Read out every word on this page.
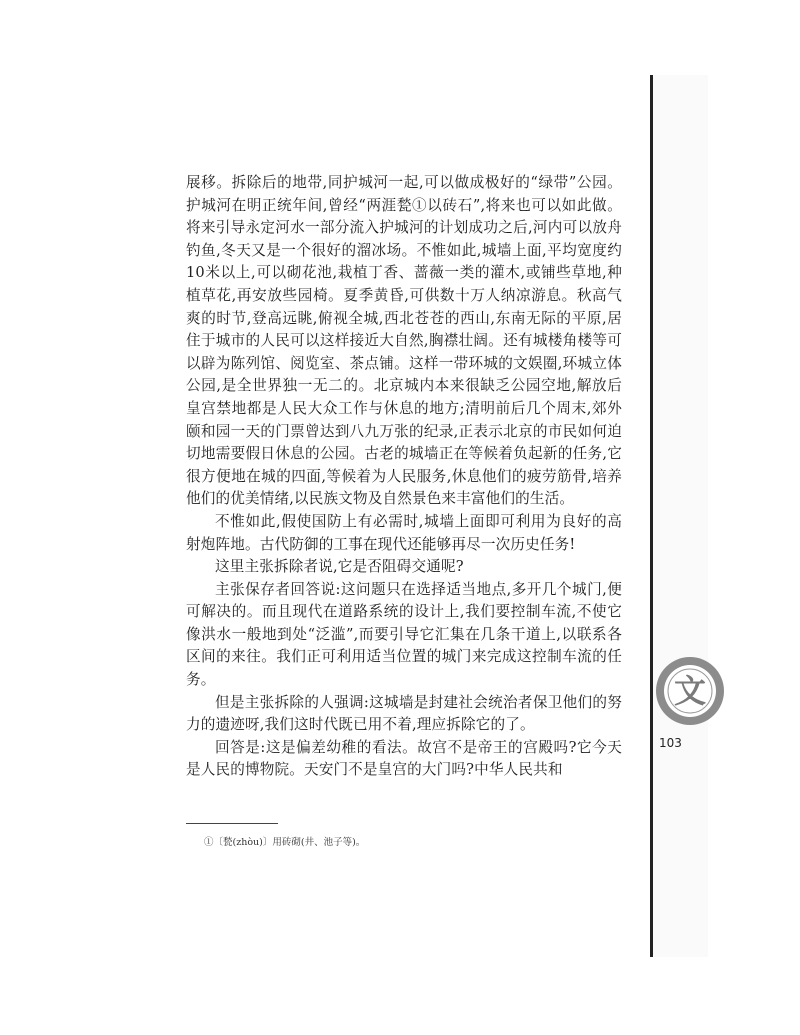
展移。拆除后的地带,同护城河一起,可以做成极好的“绿带”公园。护城河在明正统年间,曾经“两涯甃①以砖石”,将来也可以如此做。将来引导永定河水一部分流入护城河的计划成功之后,河内可以放舟钓鱼,冬天又是一个很好的溜冰场。不惟如此,城墙上面,平均宽度约10米以上,可以砌花池,栽植丁香、蔷薇一类的灌木,或铺些草地,种植草花,再安放些园椅。夏季黄昏,可供数十万人纳凉游息。秋高气爽的时节,登高远眺,俯视全城,西北苍苍的西山,东南无际的平原,居住于城市的人民可以这样接近大自然,胸襟壮阔。还有城楼角楼等可以辟为陈列馆、阅览室、茶点铺。这样一带环城的文娱圈,环城立体公园,是全世界独一无二的。北京城内本来很缺乏公园空地,解放后皇宫禁地都是人民大众工作与休息的地方;清明前后几个周末,郊外颐和园一天的门票曾达到八九万张的纪录,正表示北京的市民如何迫切地需要假日休息的公园。古老的城墙正在等候着负起新的任务,它很方便地在城的四面,等候着为人民服务,休息他们的疲劳筋骨,培养他们的优美情绪,以民族文物及自然景色来丰富他们的生活。

不惟如此,假使国防上有必需时,城墙上面即可利用为良好的高射炮阵地。古代防御的工事在现代还能够再尽一次历史任务!

这里主张拆除者说,它是否阻碍交通呢?

主张保存者回答说:这问题只在选择适当地点,多开几个城门,便可解决的。而且现代在道路系统的设计上,我们要控制车流,不使它像洪水一般地到处“泛滥”,而要引导它汇集在几条干道上,以联系各区间的来往。我们正可利用适当位置的城门来完成这控制车流的任务。

但是主张拆除的人强调:这城墙是封建社会统治者保卫他们的努力的遗迹呀,我们这时代既已用不着,理应拆除它的了。

回答是:这是偏差幼稚的看法。故宫不是帝王的宫殿吗?它今天是人民的博物院。天安门不是皇宫的大门吗?中华人民共和

①〔甃(zhòu)〕用砖砌(井、池子等)。
文
103
